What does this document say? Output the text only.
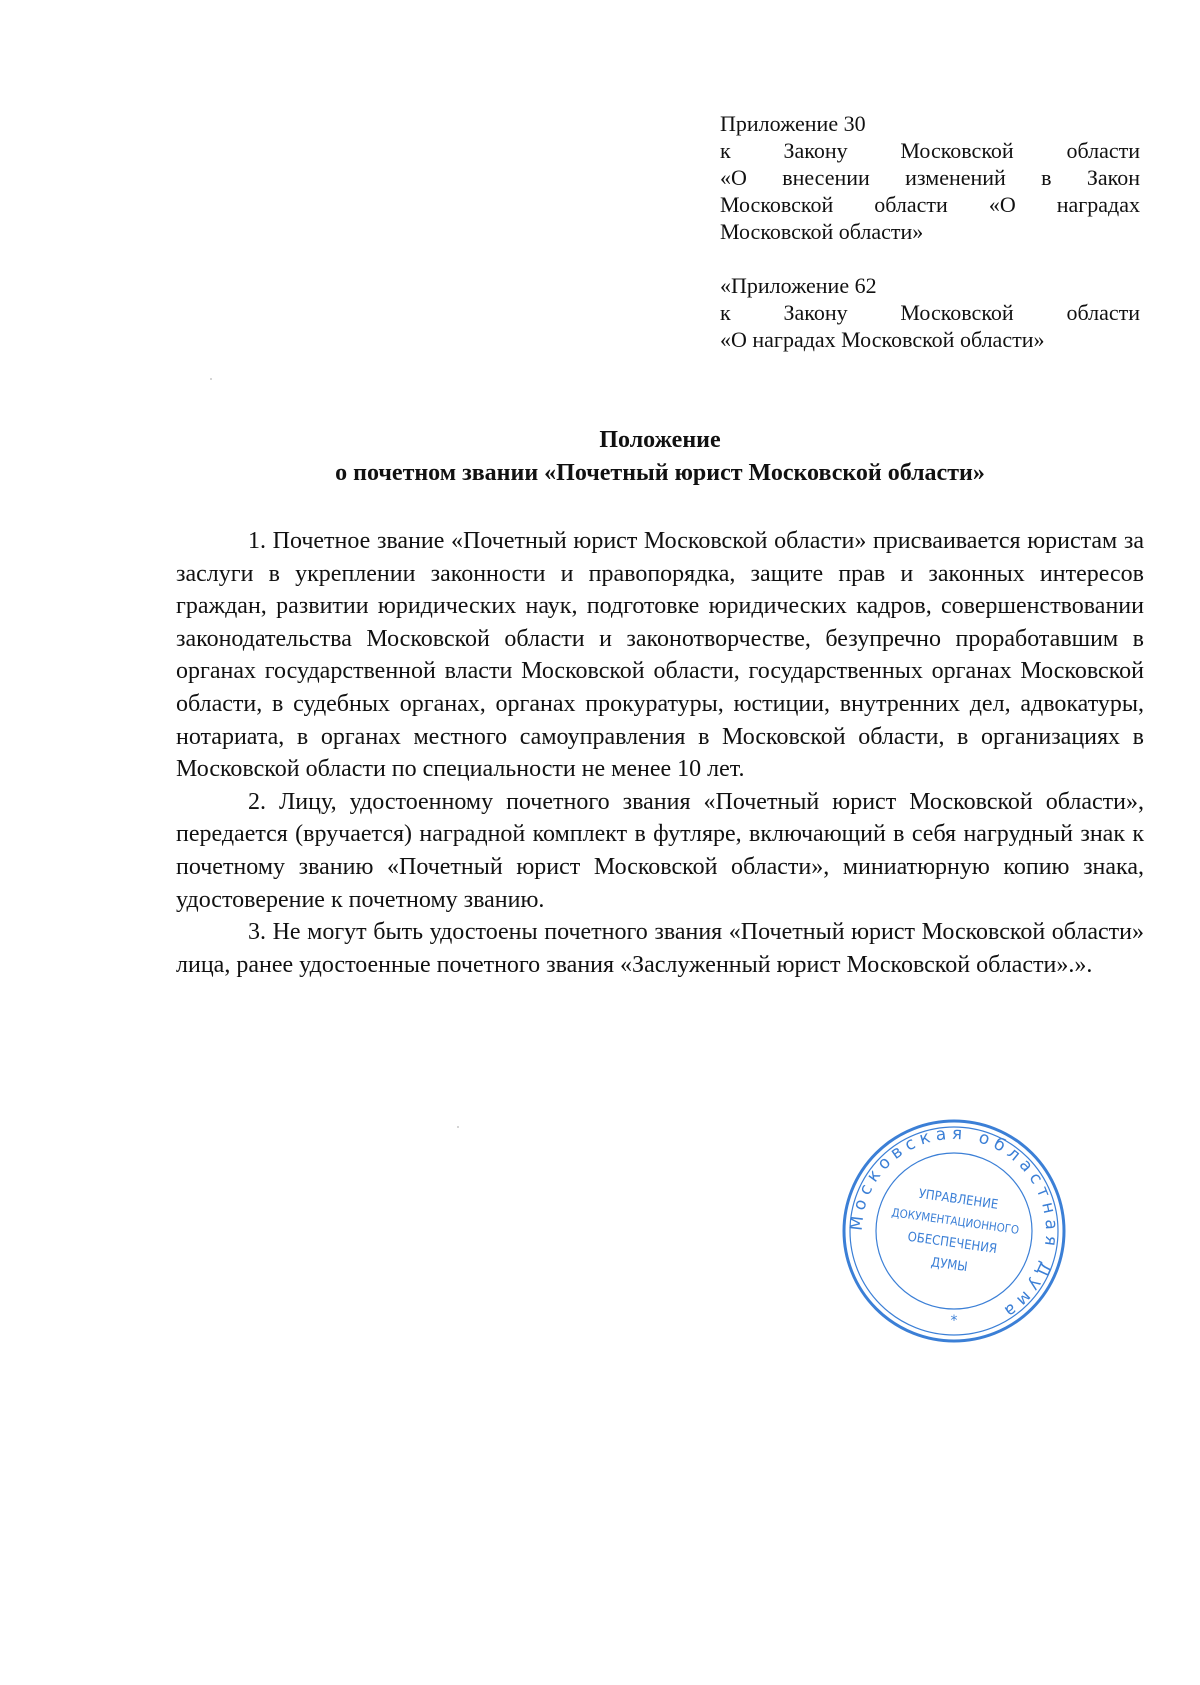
Приложение 30
к Закону Московской области
«О внесении изменений в Закон
Московской области «О наградах
Московской области»
«Приложение 62
к Закону Московской области
«О наградах Московской области»
Положение
о почетном звании «Почетный юрист Московской области»

1. Почетное звание «Почетный юрист Московской области» присваивается юристам за заслуги в укреплении законности и правопорядка, защите прав и законных интересов граждан, развитии юридических наук, подготовке юридических кадров, совершенствовании законодательства Московской области и законотворчестве, безупречно проработавшим в органах государственной власти Московской области, государственных органах Московской области, в судебных органах, органах прокуратуры, юстиции, внутренних дел, адвокатуры, нотариата, в органах местного самоуправления в Московской области, в организациях в Московской области по специальности не менее 10 лет.

2. Лицу, удостоенному почетного звания «Почетный юрист Московской области», передается (вручается) наградной комплект в футляре, включающий в себя нагрудный знак к почетному званию «Почетный юрист Московской области», миниатюрную копию знака, удостоверение к почетному званию.

3. Не могут быть удостоены почетного звания «Почетный юрист Московской области» лица, ранее удостоенные почетного звания «Заслуженный юрист Московской области».».

Московская областная Дума
УПРАВЛЕНИЕ
ДОКУМЕНТАЦИОННОГО
ОБЕСПЕЧЕНИЯ
ДУМЫ
*
